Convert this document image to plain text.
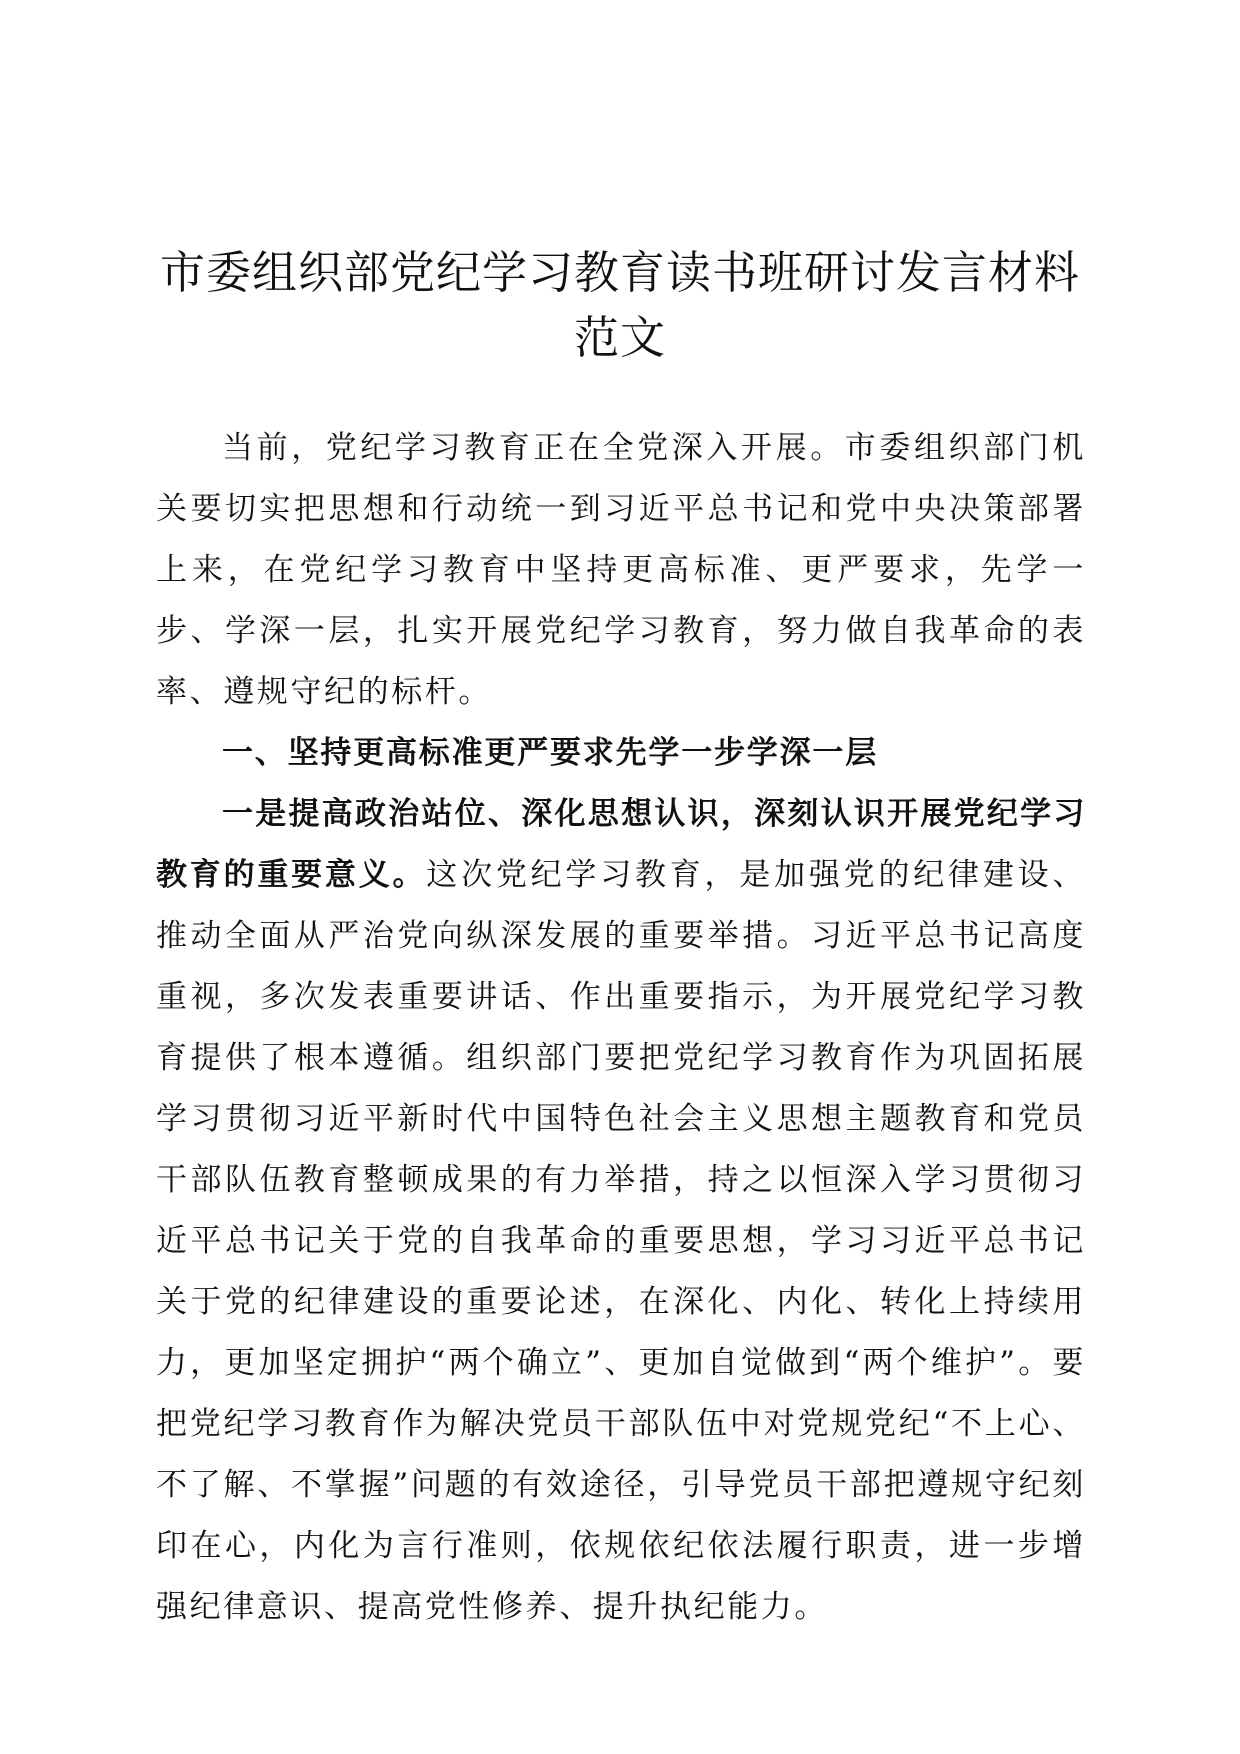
市委组织部党纪学习教育读书班研讨发言材料范文

当前，党纪学习教育正在全党深入开展。市委组织部门机关要切实把思想和行动统一到习近平总书记和党中央决策部署上来，在党纪学习教育中坚持更高标准、更严要求，先学一步、学深一层，扎实开展党纪学习教育，努力做自我革命的表率、遵规守纪的标杆。

一、坚持更高标准更严要求先学一步学深一层

一是提高政治站位、深化思想认识，深刻认识开展党纪学习教育的重要意义。这次党纪学习教育，是加强党的纪律建设、推动全面从严治党向纵深发展的重要举措。习近平总书记高度重视，多次发表重要讲话、作出重要指示，为开展党纪学习教育提供了根本遵循。组织部门要把党纪学习教育作为巩固拓展学习贯彻习近平新时代中国特色社会主义思想主题教育和党员干部队伍教育整顿成果的有力举措，持之以恒深入学习贯彻习近平总书记关于党的自我革命的重要思想，学习习近平总书记关于党的纪律建设的重要论述，在深化、内化、转化上持续用力，更加坚定拥护“两个确立”、更加自觉做到“两个维护”。要把党纪学习教育作为解决党员干部队伍中对党规党纪“不上心、不了解、不掌握”问题的有效途径，引导党员干部把遵规守纪刻印在心，内化为言行准则，依规依纪依法履行职责，进一步增强纪律意识、提高党性修养、提升执纪能力。
